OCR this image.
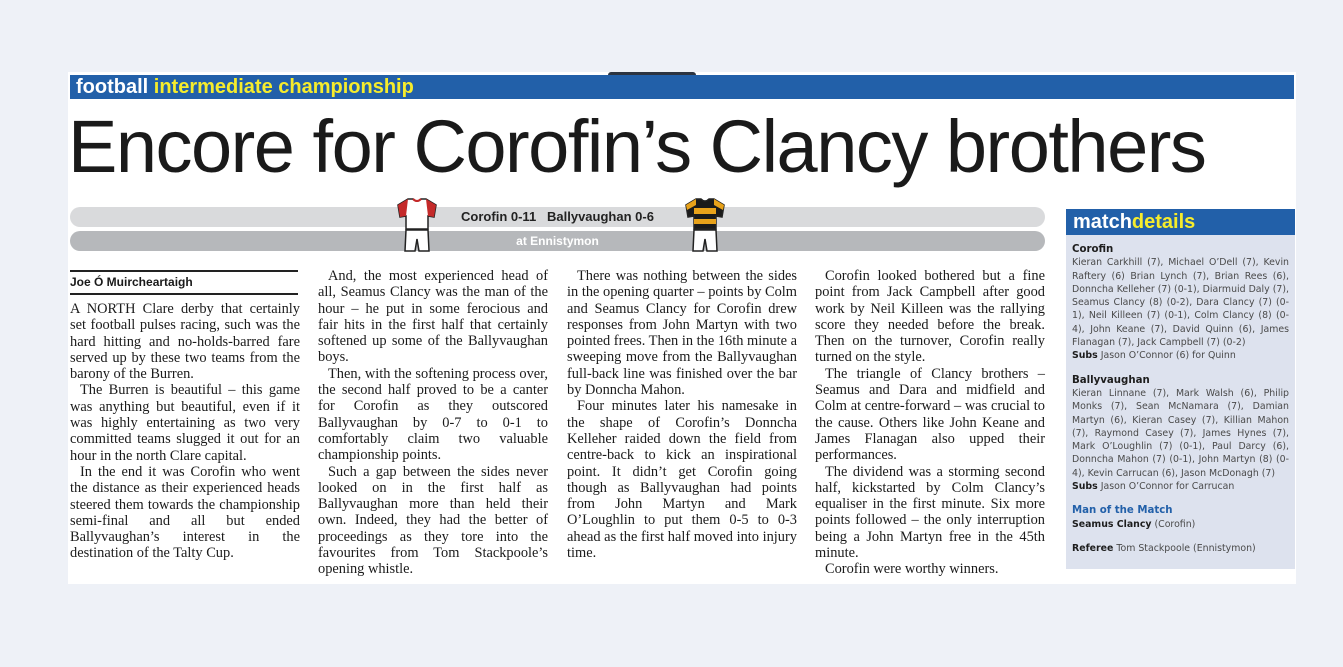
football intermediate championship
Encore for Corofin’s Clancy brothers
Corofin 0-11   Ballyvaughan 0-6
at Ennistymon
Joe Ó Muircheartaigh

A NORTH Clare derby that certainly set football pulses racing, such was the hard hitting and no-holds-barred fare served up by these two teams from the barony of the Burren.

The Burren is beautiful – this game was anything but beautiful, even if it was highly entertaining as two very committed teams slugged it out for an hour in the north Clare capital.

In the end it was Corofin who went the distance as their experienced heads steered them towards the championship semi-final and all but ended Ballyvaughan’s interest in the destination of the Talty Cup.

And, the most experienced head of all, Seamus Clancy was the man of the hour – he put in some ferocious and fair hits in the first half that certainly softened up some of the Ballyvaughan boys.

Then, with the softening process over, the second half proved to be a canter for Corofin as they outscored Ballyvaughan by 0-7 to 0-1 to comfortably claim two valuable championship points.

Such a gap between the sides never looked on in the first half as Ballyvaughan more than held their own. Indeed, they had the better of proceedings as they tore into the favourites from Tom Stackpoole’s opening whistle.

There was nothing between the sides in the opening quarter – points by Colm and Seamus Clancy for Corofin drew responses from John Martyn with two pointed frees. Then in the 16th minute a sweeping move from the Ballyvaughan full-back line was finished over the bar by Donncha Mahon.

Four minutes later his namesake in the shape of Corofin’s Donncha Kelleher raided down the field from centre-back to kick an inspirational point. It didn’t get Corofin going though as Ballyvaughan had points from John Martyn and Mark O’Loughlin to put them 0-5 to 0-3 ahead as the first half moved into injury time.

Corofin looked bothered but a fine point from Jack Campbell after good work by Neil Killeen was the rallying score they needed before the break. Then on the turnover, Corofin really turned on the style.

The triangle of Clancy brothers – Seamus and Dara and midfield and Colm at centre-forward – was crucial to the cause. Others like John Keane and James Flanagan also upped their performances.

The dividend was a storming second half, kickstarted by Colm Clancy’s equaliser in the first minute. Six more points followed – the only interruption being a John Martyn free in the 45th minute.

Corofin were worthy winners.

matchdetails
Corofin
Kieran Carkhill (7), Michael O’Dell (7), Kevin Raftery (6) Brian Lynch (7), Brian Rees (6), Donncha Kelleher (7) (0-1), Diarmuid Daly (7), Seamus Clancy (8) (0-2), Dara Clancy (7) (0-1), Neil Killeen (7) (0-1), Colm Clancy (8) (0-4), John Keane (7), David Quinn (6), James Flanagan (7), Jack Campbell (7) (0-2)
Subs Jason O’Connor (6) for Quinn
Ballyvaughan
Kieran Linnane (7), Mark Walsh (6), Philip Monks (7), Sean McNamara (7), Damian Martyn (6), Kieran Casey (7), Killian Mahon (7), Raymond Casey (7), James Hynes (7), Mark O’Loughlin (7) (0-1), Paul Darcy (6), Donncha Mahon (7) (0-1), John Martyn (8) (0-4), Kevin Carrucan (6), Jason McDonagh (7)
Subs Jason O’Connor for Carrucan
Man of the Match
Seamus Clancy (Corofin)
Referee Tom Stackpoole (Ennistymon)
